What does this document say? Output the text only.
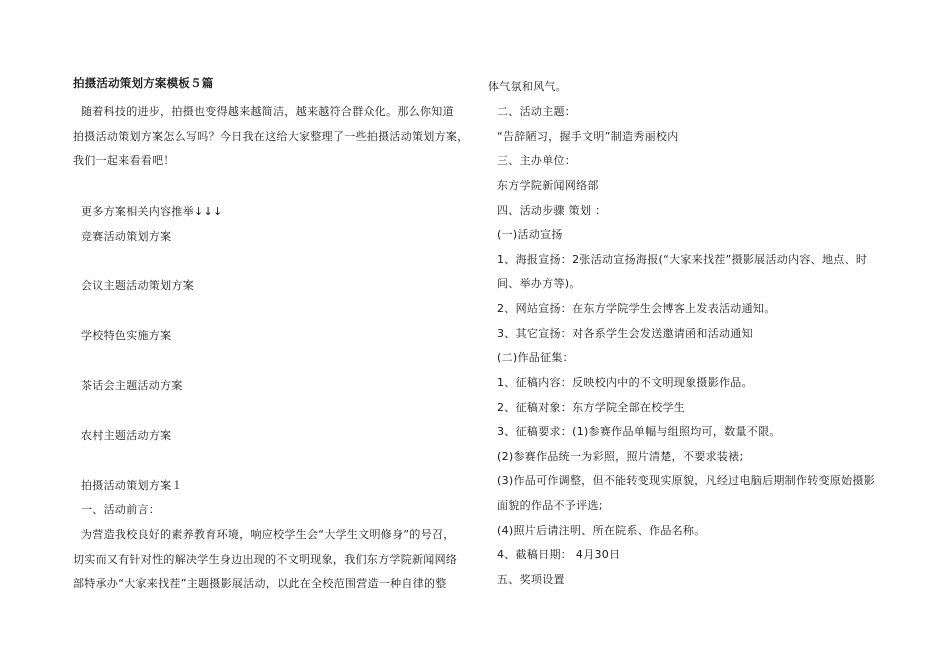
拍摄活动策划方案模板５篇
随着科技的进步，拍摄也变得越来越简洁，越来越符合群众化。那么你知道
拍摄活动策划方案怎么写吗？今日我在这给大家整理了一些拍摄活动策划方案，
我们一起来看看吧！
更多方案相关内容推举↓↓↓
竞赛活动策划方案
会议主题活动策划方案
学校特色实施方案
茶话会主题活动方案
农村主题活动方案
拍摄活动策划方案１
一、活动前言：
为营造我校良好的素养教育环境，响应校学生会“大学生文明修身”的号召，
切实而又有针对性的解决学生身边出现的不文明现象，我们东方学院新闻网络
部特承办“大家来找茬”主题摄影展活动，以此在全校范围营造一种自律的整
体气氛和风气。
二、活动主题：
“告辞陋习，握手文明”制造秀丽校内
三、主办单位：
东方学院新闻网络部
四、活动步骤 策划 ：
(一)活动宣扬
1、海报宣扬：2张活动宣扬海报(“大家来找茬”摄影展活动内容、地点、时
间、举办方等)。
2、网站宣扬：在东方学院学生会博客上发表活动通知。
3、其它宣扬：对各系学生会发送邀请函和活动通知
(二)作品征集：
1、征稿内容：反映校内中的不文明现象摄影作品。
2、征稿对象：东方学院全部在校学生
3、征稿要求：(1)参赛作品单幅与组照均可，数量不限。
(2)参赛作品统一为彩照，照片清楚，不要求装裱;
(3)作品可作调整，但不能转变现实原貌，凡经过电脑后期制作转变原始摄影
面貌的作品不予评选;
(4)照片后请注明、所在院系、作品名称。
4、截稿日期： 4月30日
五、奖项设置
